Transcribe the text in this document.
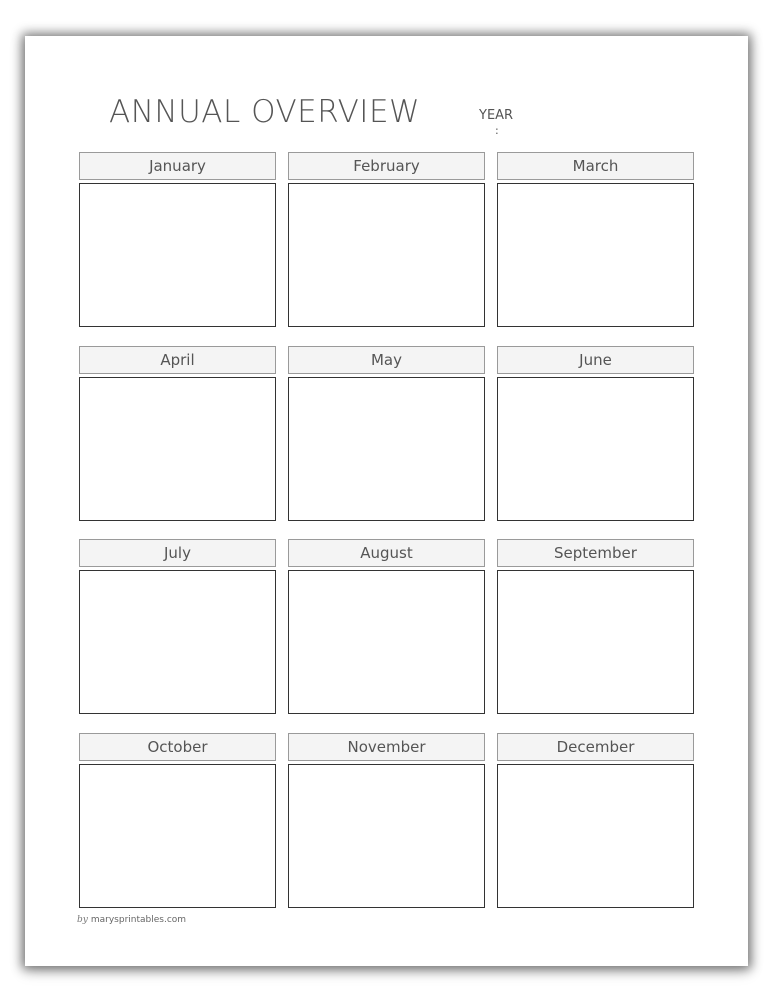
ANNUAL OVERVIEW	YEAR
:
January	February	March
April	May	June
July	August	September
October	November	December
by marysprintables.com
